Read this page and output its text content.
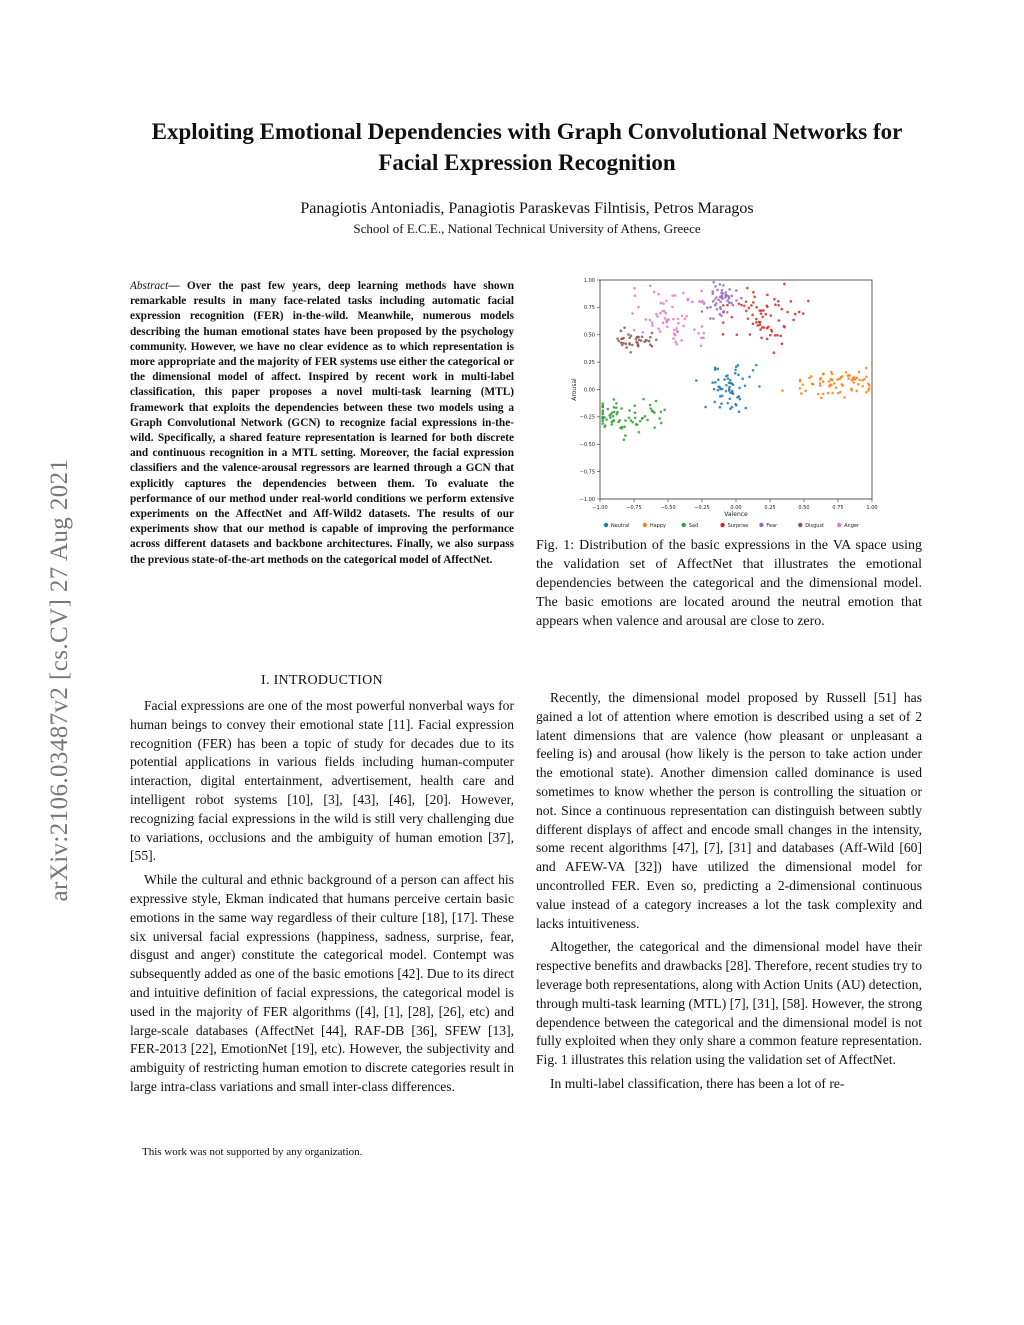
Exploiting Emotional Dependencies with Graph Convolutional Networks for Facial Expression Recognition
Panagiotis Antoniadis, Panagiotis Paraskevas Filntisis, Petros Maragos
School of E.C.E., National Technical University of Athens, Greece
arXiv:2106.03487v2 [cs.CV] 27 Aug 2021

Abstract— Over the past few years, deep learning methods have shown remarkable results in many face-related tasks including automatic facial expression recognition (FER) in-the-wild. Meanwhile, numerous models describing the human emotional states have been proposed by the psychology community. However, we have no clear evidence as to which representation is more appropriate and the majority of FER systems use either the categorical or the dimensional model of affect. Inspired by recent work in multi-label classification, this paper proposes a novel multi-task learning (MTL) framework that exploits the dependencies between these two models using a Graph Convolutional Network (GCN) to recognize facial expressions in-the-wild. Specifically, a shared feature representation is learned for both discrete and continuous recognition in a MTL setting. Moreover, the facial expression classifiers and the valence-arousal regressors are learned through a GCN that explicitly captures the dependencies between them. To evaluate the performance of our method under real-world conditions we perform extensive experiments on the AffectNet and Aff-Wild2 datasets. The results of our experiments show that our method is capable of improving the performance across different datasets and backbone architectures. Finally, we also surpass the previous state-of-the-art methods on the categorical model of AffectNet.

I. INTRODUCTION

Facial expressions are one of the most powerful nonverbal ways for human beings to convey their emotional state [11]. Facial expression recognition (FER) has been a topic of study for decades due to its potential applications in various fields including human-computer interaction, digital entertainment, advertisement, health care and intelligent robot systems [10], [3], [43], [46], [20]. However, recognizing facial expressions in the wild is still very challenging due to variations, occlusions and the ambiguity of human emotion [37], [55].

While the cultural and ethnic background of a person can affect his expressive style, Ekman indicated that humans perceive certain basic emotions in the same way regardless of their culture [18], [17]. These six universal facial expressions (happiness, sadness, surprise, fear, disgust and anger) constitute the categorical model. Contempt was subsequently added as one of the basic emotions [42]. Due to its direct and intuitive definition of facial expressions, the categorical model is used in the majority of FER algorithms ([4], [1], [28], [26], etc) and large-scale databases (AffectNet [44], RAF-DB [36], SFEW [13], FER-2013 [22], EmotionNet [19], etc). However, the subjectivity and ambiguity of restricting human emotion to discrete categories result in large intra-class variations and small inter-class differences.

This work was not supported by any organization.
−1.00	−0.75	−0.50	−0.25	0.00	0.25	0.50	0.75	1.00
1.00
0.75
0.50
0.25
0.00
−0.25
−0.50
−0.75
−1.00
Valence
Arousal
Neutral	Happy	Sad	Surprise	Fear	Disgust	Anger

Fig. 1: Distribution of the basic expressions in the VA space using the validation set of AffectNet that illustrates the emotional dependencies between the categorical and the dimensional model. The basic emotions are located around the neutral emotion that appears when valence and arousal are close to zero.

Recently, the dimensional model proposed by Russell [51] has gained a lot of attention where emotion is described using a set of 2 latent dimensions that are valence (how pleasant or unpleasant a feeling is) and arousal (how likely is the person to take action under the emotional state). Another dimension called dominance is used sometimes to know whether the person is controlling the situation or not. Since a continuous representation can distinguish between subtly different displays of affect and encode small changes in the intensity, some recent algorithms [47], [7], [31] and databases (Aff-Wild [60] and AFEW-VA [32]) have utilized the dimensional model for uncontrolled FER. Even so, predicting a 2-dimensional continuous value instead of a category increases a lot the task complexity and lacks intuitiveness.

Altogether, the categorical and the dimensional model have their respective benefits and drawbacks [28]. Therefore, recent studies try to leverage both representations, along with Action Units (AU) detection, through multi-task learning (MTL) [7], [31], [58]. However, the strong dependence between the categorical and the dimensional model is not fully exploited when they only share a common feature representation. Fig. 1 illustrates this relation using the validation set of AffectNet.

In multi-label classification, there has been a lot of re-
